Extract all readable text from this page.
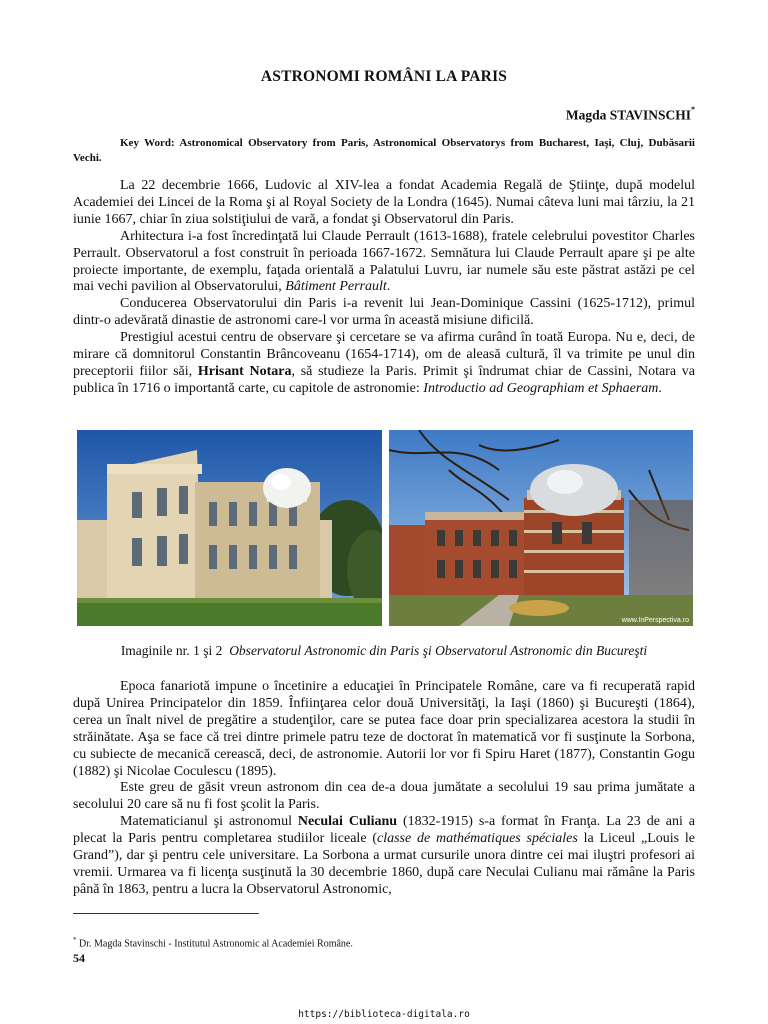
ASTRONOMI ROMÂNI LA PARIS
Magda STAVINSCHI*
Key Word: Astronomical Observatory from Paris, Astronomical Observatorys from Bucharest, Iaşi, Cluj, Dubăsarii Vechi.

La 22 decembrie 1666, Ludovic al XIV-lea a fondat Academia Regală de Ştiinţe, după modelul Academiei dei Lincei de la Roma şi al Royal Society de la Londra (1645). Numai câteva luni mai târziu, la 21 iunie 1667, chiar în ziua solstiţiului de vară, a fondat şi Observatorul din Paris.

Arhitectura i-a fost încredinţată lui Claude Perrault (1613-1688), fratele celebrului povestitor Charles Perrault. Observatorul a fost construit în perioada 1667-1672. Semnătura lui Claude Perrault apare şi pe alte proiecte importante, de exemplu, faţada orientală a Palatului Luvru, iar numele său este păstrat astăzi pe cel mai vechi pavilion al Observatorului, Bâtiment Perrault.

Conducerea Observatorului din Paris i-a revenit lui Jean-Dominique Cassini (1625-1712), primul dintr-o adevărată dinastie de astronomi care-l vor urma în această misiune dificilă.

Prestigiul acestui centru de observare şi cercetare se va afirma curând în toată Europa. Nu e, deci, de mirare că domnitorul Constantin Brâncoveanu (1654-1714), om de aleasă cultură, îl va trimite pe unul din preceptorii fiilor săi, Hrisant Notara, să studieze la Paris. Primit şi îndrumat chiar de Cassini, Notara va publica în 1716 o importantă carte, cu capitole de astronomie: Introductio ad Geographiam et Sphaeram.

www.InPerspectiva.ro
Imaginile nr. 1 şi 2 Observatorul Astronomic din Paris şi Observatorul Astronomic din Bucureşti

Epoca fanariotă impune o încetinire a educaţiei în Principatele Române, care va fi recuperată rapid după Unirea Principatelor din 1859. Înfiinţarea celor două Universităţi, la Iaşi (1860) şi Bucureşti (1864), cerea un înalt nivel de pregătire a studenţilor, care se putea face doar prin specializarea acestora la studii în străinătate. Aşa se face că trei dintre primele patru teze de doctorat în matematică vor fi susţinute la Sorbona, cu subiecte de mecanică cerească, deci, de astronomie. Autorii lor vor fi Spiru Haret (1877), Constantin Gogu (1882) şi Nicolae Coculescu (1895).

Este greu de găsit vreun astronom din cea de-a doua jumătate a secolului 19 sau prima jumătate a secolului 20 care să nu fi fost şcolit la Paris.

Matematicianul şi astronomul Neculai Culianu (1832-1915) s-a format în Franţa. La 23 de ani a plecat la Paris pentru completarea studiilor liceale (classe de mathématiques spéciales la Liceul „Louis le Grand”), dar şi pentru cele universitare. La Sorbona a urmat cursurile unora dintre cei mai iluştri profesori ai vremii. Urmarea va fi licenţa susţinută la 30 decembrie 1860, după care Neculai Culianu mai rămâne la Paris până în 1863, pentru a lucra la Observatorul Astronomic,

* Dr. Magda Stavinschi - Institutul Astronomic al Academiei Române.
54
https://biblioteca-digitala.ro
